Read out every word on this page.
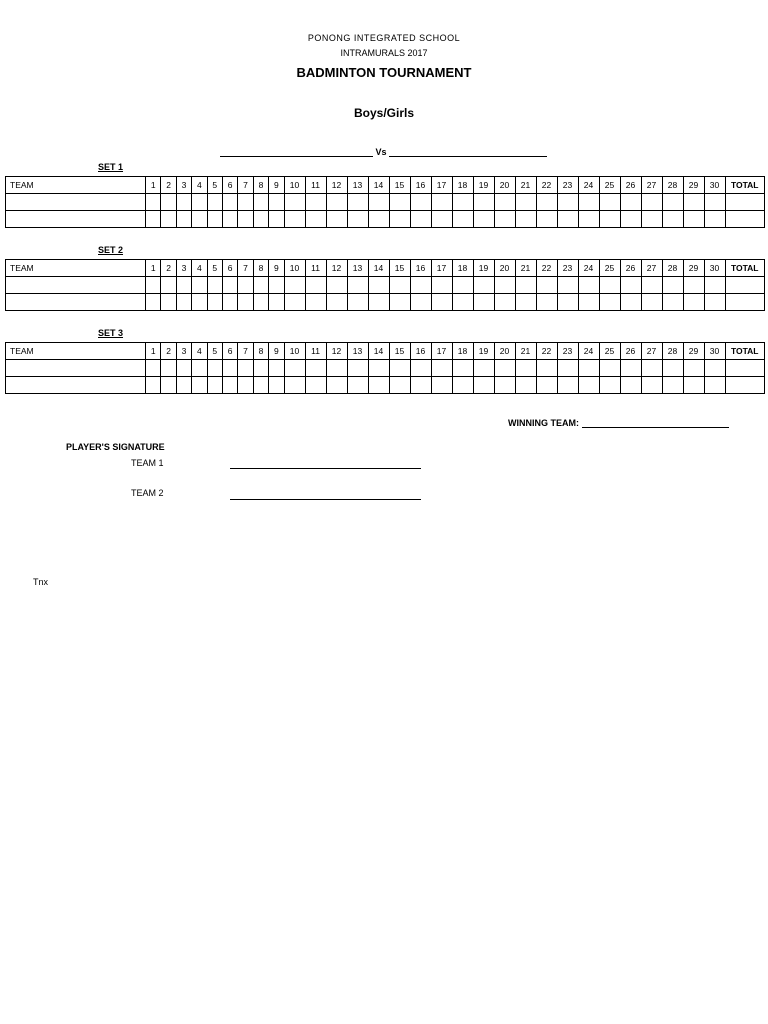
PONONG INTEGRATED SCHOOL
INTRAMURALS 2017
BADMINTON TOURNAMENT
Boys/Girls
Vs
SET 1
TEAM	1	2	3	4	5	6	7	8	9	10	11	12	13	14	15	16	17	18	19	20	21	22	23	24	25	26	27	28	29	30	TOTAL

SET 2
TEAM	1	2	3	4	5	6	7	8	9	10	11	12	13	14	15	16	17	18	19	20	21	22	23	24	25	26	27	28	29	30	TOTAL

SET 3
TEAM	1	2	3	4	5	6	7	8	9	10	11	12	13	14	15	16	17	18	19	20	21	22	23	24	25	26	27	28	29	30	TOTAL

WINNING TEAM:
PLAYER'S SIGNATURE
TEAM 1
TEAM 2
Tnx
